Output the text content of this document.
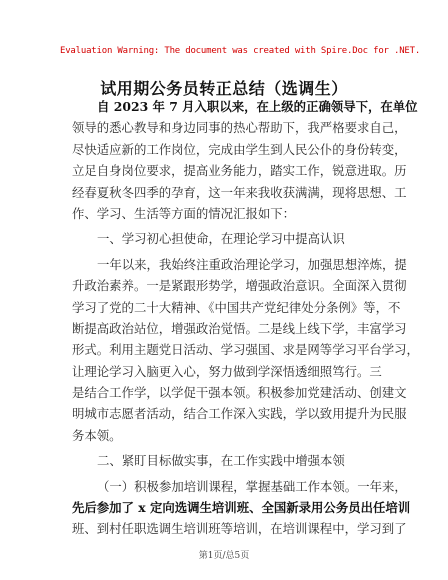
Evaluation Warning: The document was created with Spire.Doc for .NET.
试用期公务员转正总结（选调生）
自 2023 年 7 月入职以来，在上级的正确领导下，在单位
领导的悉心教导和身边同事的热心帮助下，我严格要求自己，
尽快适应新的工作岗位，完成由学生到人民公仆的身份转变，
立足自身岗位要求，提高业务能力，踏实工作，锐意进取。历
经春夏秋冬四季的孕育，这一年来我收获满满，现将思想、工
作、学习、生活等方面的情况汇报如下：
一、学习初心担使命，在理论学习中提高认识
一年以来，我始终注重政治理论学习，加强思想淬炼，提
升政治素养。一是紧跟形势学，增强政治意识。全面深入贯彻
学习了党的二十大精神、《中国共产党纪律处分条例》等，不
断提高政治站位，增强政治觉悟。二是线上线下学，丰富学习
形式。利用主题党日活动、学习强国、求是网等学习平台学习，
让理论学习入脑更入心，努力做到学深悟透细照笃行。三
是结合工作学，以学促干强本领。积极参加党建活动、创建文
明城市志愿者活动，结合工作深入实践，学以致用提升为民服
务本领。
二、紧盯目标做实事，在工作实践中增强本领
（一）积极参加培训课程，掌握基础工作本领。一年来，
先后参加了 x 定向选调生培训班、全国新录用公务员出任培训
班、到村任职选调生培训班等培训，在培训课程中，学习到了
第1页/总5页
